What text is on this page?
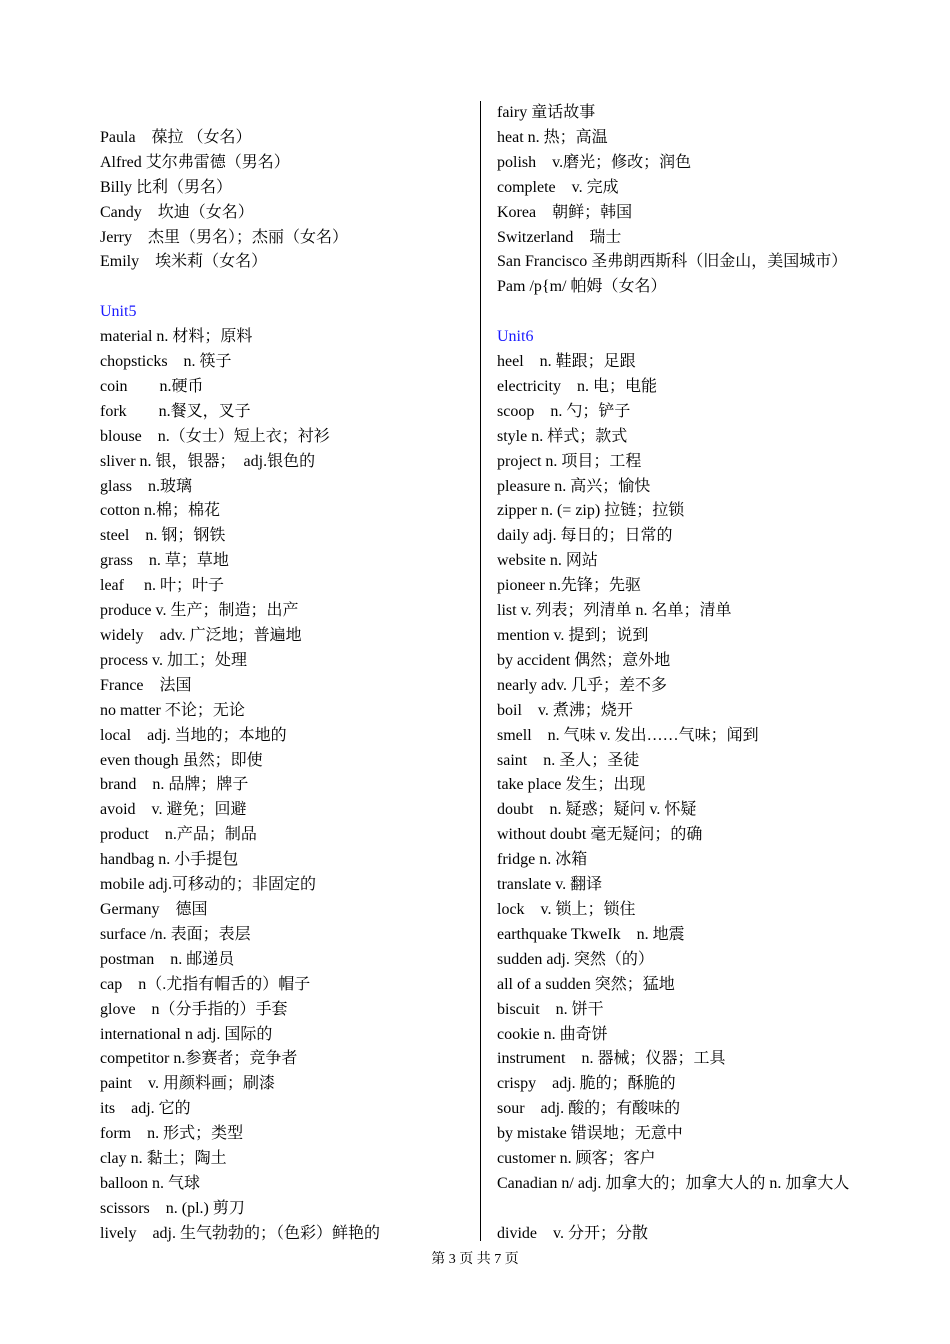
Paula　葆拉 （女名）
Alfred 艾尔弗雷德（男名）
Billy 比利（男名）
Candy　坎迪（女名）
Jerry　杰里（男名）；杰丽（女名）
Emily　埃米莉（女名）
Unit5
material n. 材料；原料
chopsticks　n. 筷子
coin　　n.硬币
fork　　n.餐叉，叉子
blouse　n.（女士）短上衣；衬衫
sliver n. 银，银器；　adj.银色的
glass　n.玻璃
cotton n.棉；棉花
steel　n. 钢；钢铁
grass　n. 草；草地
leaf　 n. 叶；叶子
produce v. 生产；制造；出产
widely　adv. 广泛地；普遍地
process v. 加工；处理
France　法国
no matter 不论；无论
local　adj. 当地的；本地的
even though 虽然；即使
brand　n. 品牌；牌子
avoid　v. 避免；回避
product　n.产品；制品
handbag n. 小手提包
mobile adj.可移动的；非固定的
Germany　德国
surface /n. 表面；表层
postman　n. 邮递员
cap　n（.尤指有帽舌的）帽子
glove　n（分手指的）手套
international n adj. 国际的
competitor n.参赛者；竞争者
paint　v. 用颜料画；刷漆
its　adj. 它的
form　n. 形式；类型
clay n. 黏土；陶土
balloon n. 气球
scissors　n. (pl.) 剪刀
lively　adj. 生气勃勃的；（色彩）鲜艳的
fairy 童话故事
heat n. 热；高温
polish　v.磨光；修改；润色
complete　v. 完成
Korea　朝鲜；韩国
Switzerland　瑞士
San Francisco 圣弗朗西斯科（旧金山，美国城市）Pam /p{m/ 帕姆（女名）
Unit6
heel　n. 鞋跟；足跟
electricity　n. 电；电能
scoop　n. 勺；铲子
style n. 样式；款式
project n. 项目；工程
pleasure n. 高兴；愉快
zipper n. (= zip) 拉链；拉锁
daily adj. 每日的；日常的
website n. 网站
pioneer n.先锋；先驱
list v. 列表；列清单 n. 名单；清单
mention v. 提到；说到
by accident 偶然；意外地
nearly adv. 几乎；差不多
boil　v. 煮沸；烧开
smell　n. 气味 v. 发出……气味；闻到
saint　n. 圣人；圣徒
take place 发生；出现
doubt　n. 疑惑；疑问 v. 怀疑
without doubt 毫无疑问；的确
fridge n. 冰箱
translate v. 翻译
lock　v. 锁上；锁住
earthquake TkweIk　n. 地震
sudden adj. 突然（的）
all of a sudden 突然；猛地
biscuit　n. 饼干
cookie n. 曲奇饼
instrument　n. 器械；仪器；工具
crispy　adj. 脆的；酥脆的
sour　adj. 酸的；有酸味的
by mistake 错误地；无意中
customer n. 顾客；客户
Canadian n/ adj. 加拿大的；加拿大人的 n. 加拿大人
divide　v. 分开；分散
第 3 页 共 7 页
